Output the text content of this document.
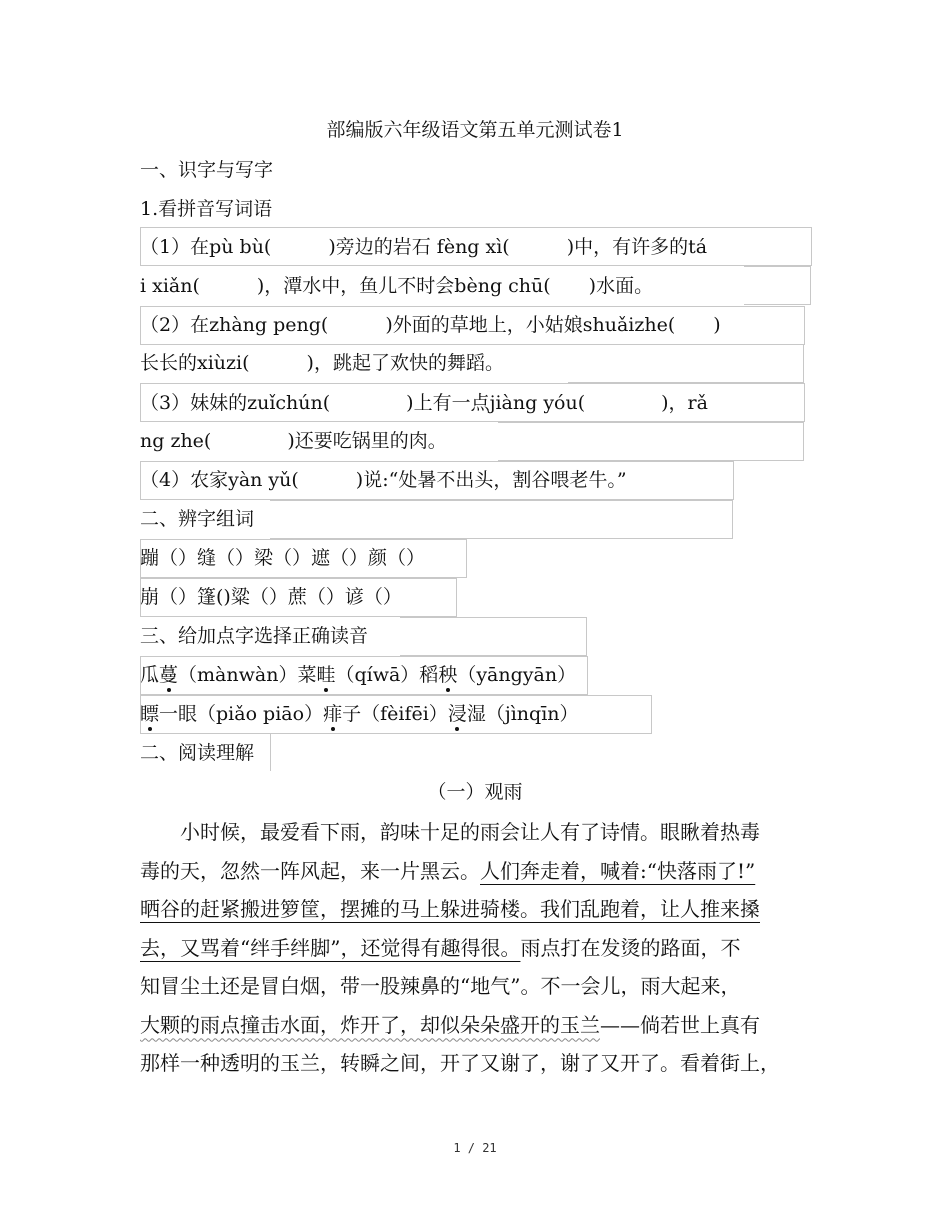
部编版六年级语文第五单元测试卷1
一、识字与写字
1.看拼音写词语
（1）在pù bù(　　　)旁边的岩石 fèng xì(　　　)中，有许多的tá
i xiǎn(　　　)，潭水中，鱼儿不时会bèng chū(　　)水面。
（2）在zhàng peng(　　　)外面的草地上，小姑娘shuǎizhe(　　)
长长的xiùzi(　　　)，跳起了欢快的舞蹈。
（3）妹妹的zuǐchún(　　　　)上有一点jiàng yóu(　　　　)，rǎ
ng zhe(　　　　)还要吃锅里的肉。
（4）农家yàn yǔ(　　　)说:“处暑不出头，割谷喂老牛。”
二、辨字组词
蹦（）缝（）梁（）遮（）颜（）
崩（）篷()粱（）蔗（）谚（）
三、给加点字选择正确读音
瓜蔓（mànwàn）菜畦（qíwā）稻秧（yāngyān）
瞟一眼（piǎo piāo）痱子（fèifēi）浸湿（jìnqīn）
二、阅读理解
（一）观雨
　　小时候，最爱看下雨，韵味十足的雨会让人有了诗情。眼瞅着热毒
毒的天，忽然一阵风起，来一片黑云。人们奔走着，喊着:“快落雨了!”
晒谷的赶紧搬进箩筐，摆摊的马上躲进骑楼。我们乱跑着，让人推来搡
去，又骂着“绊手绊脚”，还觉得有趣得很。雨点打在发烫的路面，不
知冒尘土还是冒白烟，带一股辣鼻的“地气”。不一会儿，雨大起来，
大颗的雨点撞击水面，炸开了，却似朵朵盛开的玉兰——倘若世上真有
那样一种透明的玉兰，转瞬之间，开了又谢了，谢了又开了。看着街上，
1 / 21
